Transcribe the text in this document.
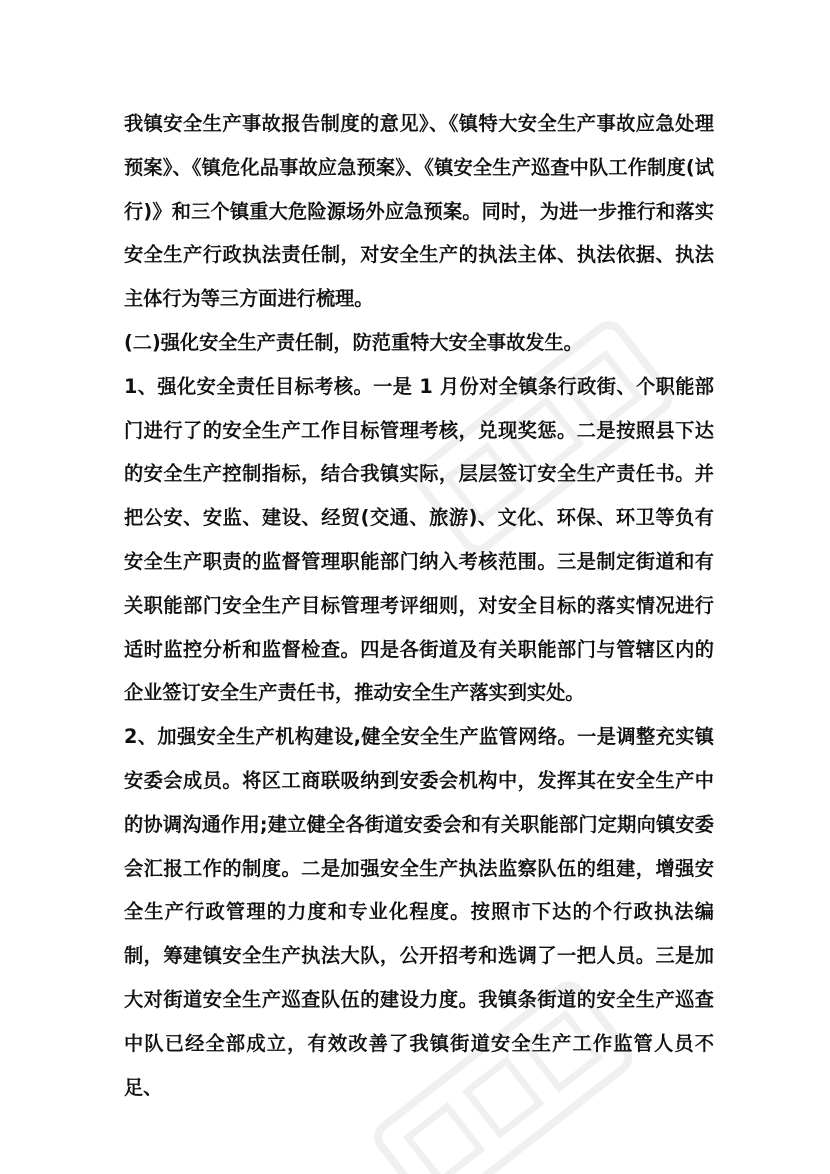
我镇安全生产事故报告制度的意见》、《镇特大安全生产事故应急处理预案》、《镇危化品事故应急预案》、《镇安全生产巡查中队工作制度(试行)》和三个镇重大危险源场外应急预案。同时，为进一步推行和落实安全生产行政执法责任制，对安全生产的执法主体、执法依据、执法主体行为等三方面进行梳理。

(二)强化安全生产责任制，防范重特大安全事故发生。

1、强化安全责任目标考核。一是 1 月份对全镇条行政街、个职能部门进行了的安全生产工作目标管理考核，兑现奖惩。二是按照县下达的安全生产控制指标，结合我镇实际，层层签订安全生产责任书。并把公安、安监、建设、经贸(交通、旅游)、文化、环保、环卫等负有安全生产职责的监督管理职能部门纳入考核范围。三是制定街道和有关职能部门安全生产目标管理考评细则，对安全目标的落实情况进行适时监控分析和监督检查。四是各街道及有关职能部门与管辖区内的企业签订安全生产责任书，推动安全生产落实到实处。

2、加强安全生产机构建设,健全安全生产监管网络。一是调整充实镇安委会成员。将区工商联吸纳到安委会机构中，发挥其在安全生产中的协调沟通作用;建立健全各街道安委会和有关职能部门定期向镇安委会汇报工作的制度。二是加强安全生产执法监察队伍的组建，增强安全生产行政管理的力度和专业化程度。按照市下达的个行政执法编制，筹建镇安全生产执法大队，公开招考和选调了一把人员。三是加大对街道安全生产巡查队伍的建设力度。我镇条街道的安全生产巡查中队已经全部成立，有效改善了我镇街道安全生产工作监管人员不足、
